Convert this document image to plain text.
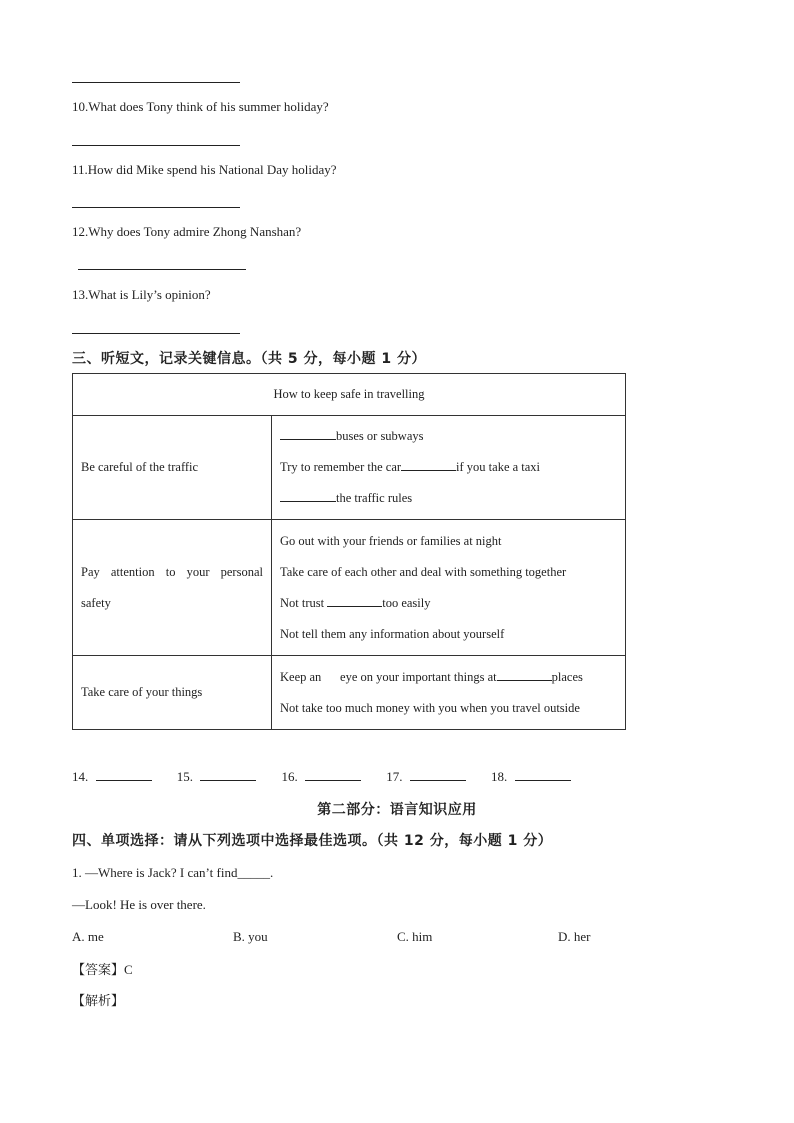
10.What does Tony think of his summer holiday?
11.How did Mike spend his National Day holiday?
12.Why does Tony admire Zhong Nanshan?
13.What is Lily’s opinion?
三、听短文，记录关键信息。（共 5 分，每小题 1 分）
How to keep safe in travelling	
Be careful of the traffic	buses or subways
Try to remember the car if you take a taxi
the traffic rules

Pay attention to your personal safety	Go out with your friends or families at night
Take care of each other and deal with something together
Not trust too easily
Not tell them any information about yourself

Take care of your things	Keep an      eye on your important things at places
Not take too much money with you when you travel outside
14.	15.	16.	17.	18.
第二部分：语言知识应用
四、单项选择：请从下列选项中选择最佳选项。（共 12 分，每小题 1 分）
1. —Where is Jack? I can’t find_____.
—Look! He is over there.
A. me	B. you	C. him	D. her
【答案】C
【解析】
